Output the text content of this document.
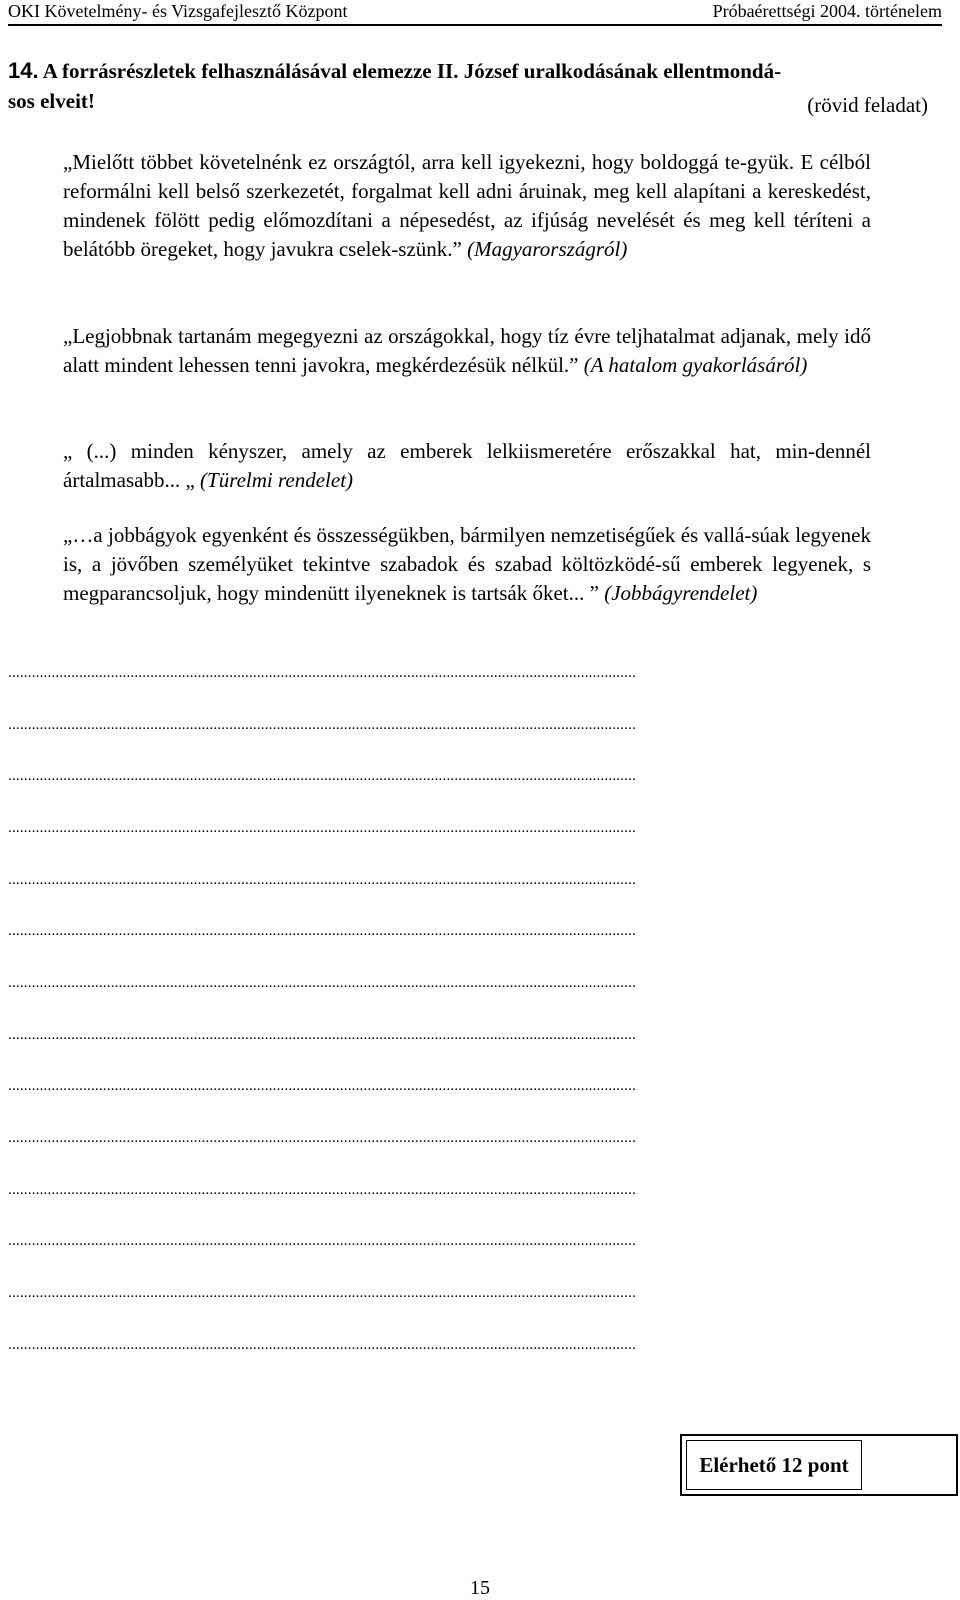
OKI Követelmény- és Vizsgafejlesztő Központ	Próbaérettségi 2004. történelem
14. A forrásrészletek felhasználásával elemezze II. József uralkodásának ellentmondá-
sos elveit!	(rövid feladat)
„Mielőtt többet követelnénk ez országtól, arra kell igyekezni, hogy boldoggá te-gyük. E célból reformálni kell belső szerkezetét, forgalmat kell adni áruinak, meg kell alapítani a kereskedést, mindenek fölött pedig előmozdítani a népesedést, az ifjúság nevelését és meg kell téríteni a belátóbb öregeket, hogy javukra cselek-szünk.” (Magyarországról)
„Legjobbnak tartanám megegyezni az országokkal, hogy tíz évre teljhatalmat adjanak, mely idő alatt mindent lehessen tenni javokra, megkérdezésük nélkül.” (A hatalom gyakorlásáról)
„ (...) minden kényszer, amely az emberek lelkiismeretére erőszakkal hat, min-dennél ártalmasabb... „ (Türelmi rendelet)
„…a jobbágyok egyenként és összességükben, bármilyen nemzetiségűek és vallá-súak legyenek is, a jövőben személyüket tekintve szabadok és szabad költözködé-sű emberek legyenek, s megparancsoljuk, hogy mindenütt ilyeneknek is tartsák őket... ” (Jobbágyrendelet)
...............................................................................................................................................................
...............................................................................................................................................................
...............................................................................................................................................................
...............................................................................................................................................................
...............................................................................................................................................................
...............................................................................................................................................................
...............................................................................................................................................................
...............................................................................................................................................................
...............................................................................................................................................................
...............................................................................................................................................................
...............................................................................................................................................................
...............................................................................................................................................................
...............................................................................................................................................................
...............................................................................................................................................................
Elérhető 12 pont
15
